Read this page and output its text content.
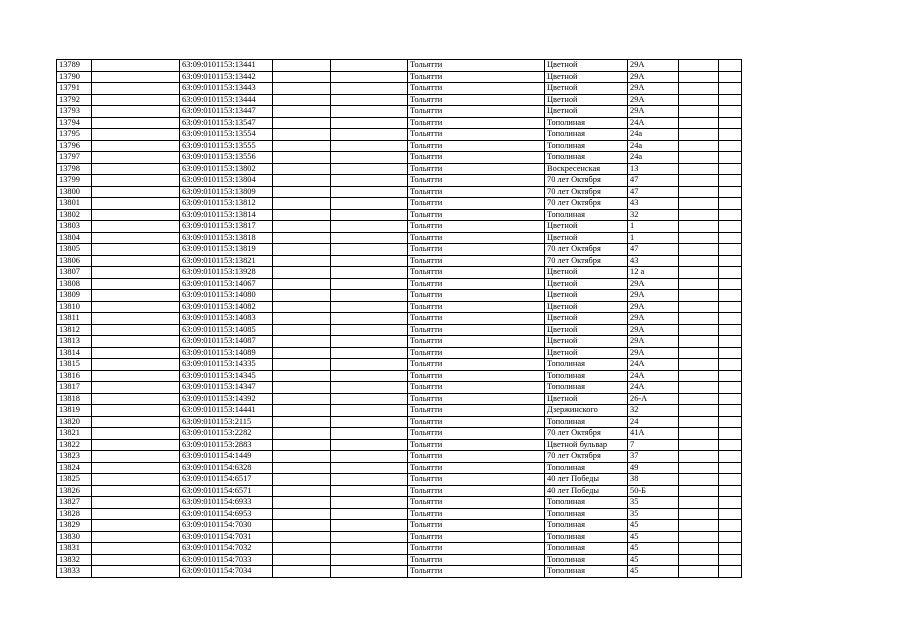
13789		63:09:0101153:13441			Тольятти	Цветной	29А		
13790		63:09:0101153:13442			Тольятти	Цветной	29А		
13791		63:09:0101153:13443			Тольятти	Цветной	29А		
13792		63:09:0101153:13444			Тольятти	Цветной	29А		
13793		63:09:0101153:13447			Тольятти	Цветной	29А		
13794		63:09:0101153:13547			Тольятти	Тополиная	24А		
13795		63:09:0101153:13554			Тольятти	Тополиная	24а		
13796		63:09:0101153:13555			Тольятти	Тополиная	24а		
13797		63:09:0101153:13556			Тольятти	Тополиная	24а		
13798		63:09:0101153:13802			Тольятти	Воскресенская	13		
13799		63:09:0101153:13804			Тольятти	70 лет Октября	47		
13800		63:09:0101153:13809			Тольятти	70 лет Октября	47		
13801		63:09:0101153:13812			Тольятти	70 лет Октября	43		
13802		63:09:0101153:13814			Тольятти	Тополиная	32		
13803		63:09:0101153:13817			Тольятти	Цветной	1		
13804		63:09:0101153:13818			Тольятти	Цветной	1		
13805		63:09:0101153:13819			Тольятти	70 лет Октября	47		
13806		63:09:0101153:13821			Тольятти	70 лет Октября	43		
13807		63:09:0101153:13928			Тольятти	Цветной	12 а		
13808		63:09:0101153:14067			Тольятти	Цветной	29А		
13809		63:09:0101153:14080			Тольятти	Цветной	29А		
13810		63:09:0101153:14082			Тольятти	Цветной	29А		
13811		63:09:0101153:14083			Тольятти	Цветной	29А		
13812		63:09:0101153:14085			Тольятти	Цветной	29А		
13813		63:09:0101153:14087			Тольятти	Цветной	29А		
13814		63:09:0101153:14089			Тольятти	Цветной	29А		
13815		63:09:0101153:14335			Тольятти	Тополиная	24А		
13816		63:09:0101153:14345			Тольятти	Тополиная	24А		
13817		63:09:0101153:14347			Тольятти	Тополиная	24А		
13818		63:09:0101153:14392			Тольятти	Цветной	26-А		
13819		63:09:0101153:14441			Тольятти	Дзержинского	32		
13820		63:09:0101153:2115			Тольятти	Тополиная	24		
13821		63:09:0101153:2282			Тольятти	70 лет Октября	41А		
13822		63:09:0101153:2883			Тольятти	Цветной бульвар	7		
13823		63:09:0101154:1449			Тольятти	70 лет Октября	37		
13824		63:09:0101154:6328			Тольятти	Тополиная	49		
13825		63:09:0101154:6517			Тольятти	40 лет Победы	38		
13826		63:09:0101154:6571			Тольятти	40 лет Победы	50-Б		
13827		63:09:0101154:6933			Тольятти	Тополиная	35		
13828		63:09:0101154:6953			Тольятти	Тополиная	35		
13829		63:09:0101154:7030			Тольятти	Тополиная	45		
13830		63:09:0101154:7031			Тольятти	Тополиная	45		
13831		63:09:0101154:7032			Тольятти	Тополиная	45		
13832		63:09:0101154:7033			Тольятти	Тополиная	45		
13833		63:09:0101154:7034			Тольятти	Тополиная	45		
